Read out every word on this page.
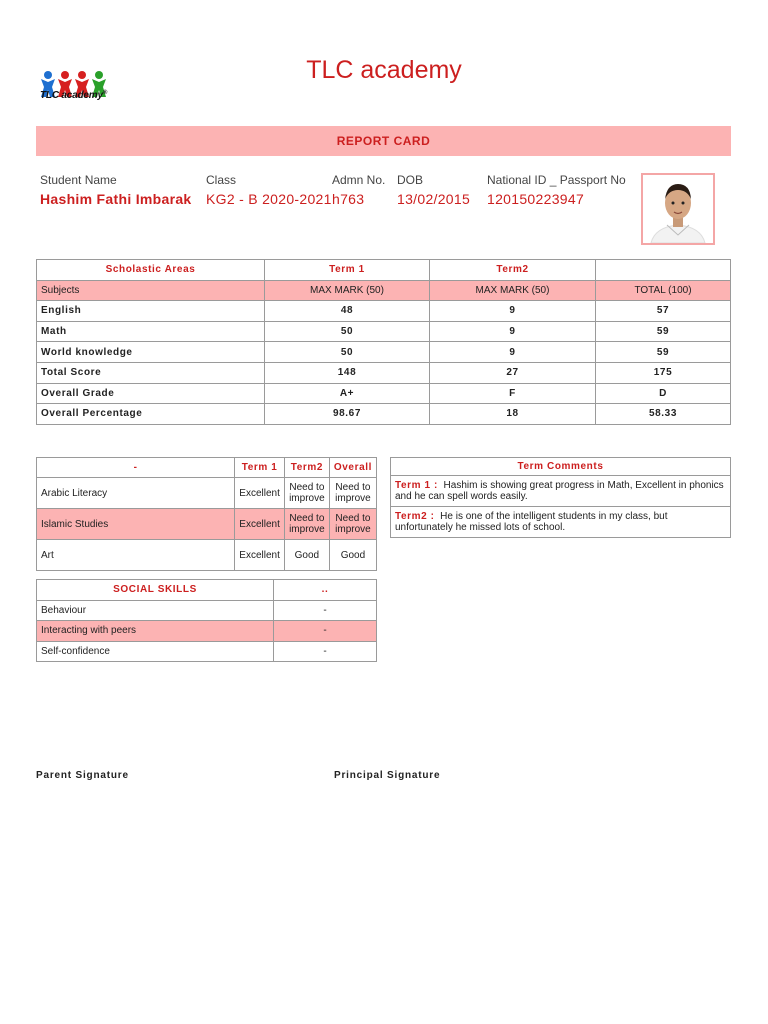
TLC academy®
TLC academy
REPORT CARD
Student Name
Hashim Fathi Imbarak
Class
KG2 - B 2020-2021
Admn No.
h763
DOB
13/02/2015
National ID _ Passport No
120150223947
Scholastic Areas	Term 1	Term2	
Subjects	MAX MARK (50)	MAX MARK (50)	TOTAL (100)
English	48	9	57
Math	50	9	59
World knowledge	50	9	59
Total Score	148	27	175
Overall Grade	A+	F	D
Overall Percentage	98.67	18	58.33
-	Term 1	Term2	Overall
Arabic Literacy	Excellent	Need to improve	Need to improve
Islamic Studies	Excellent	Need to improve	Need to improve
Art	Excellent	Good	Good
Term Comments
Term 1 : Hashim is showing great progress in Math, Excellent in phonics and he can spell words easily.
Term2 : He is one of the intelligent students in my class, but unfortunately he missed lots of school.
SOCIAL SKILLS	..
Behaviour	-
Interacting with peers	-
Self-confidence	-
Parent Signature	Principal Signature
